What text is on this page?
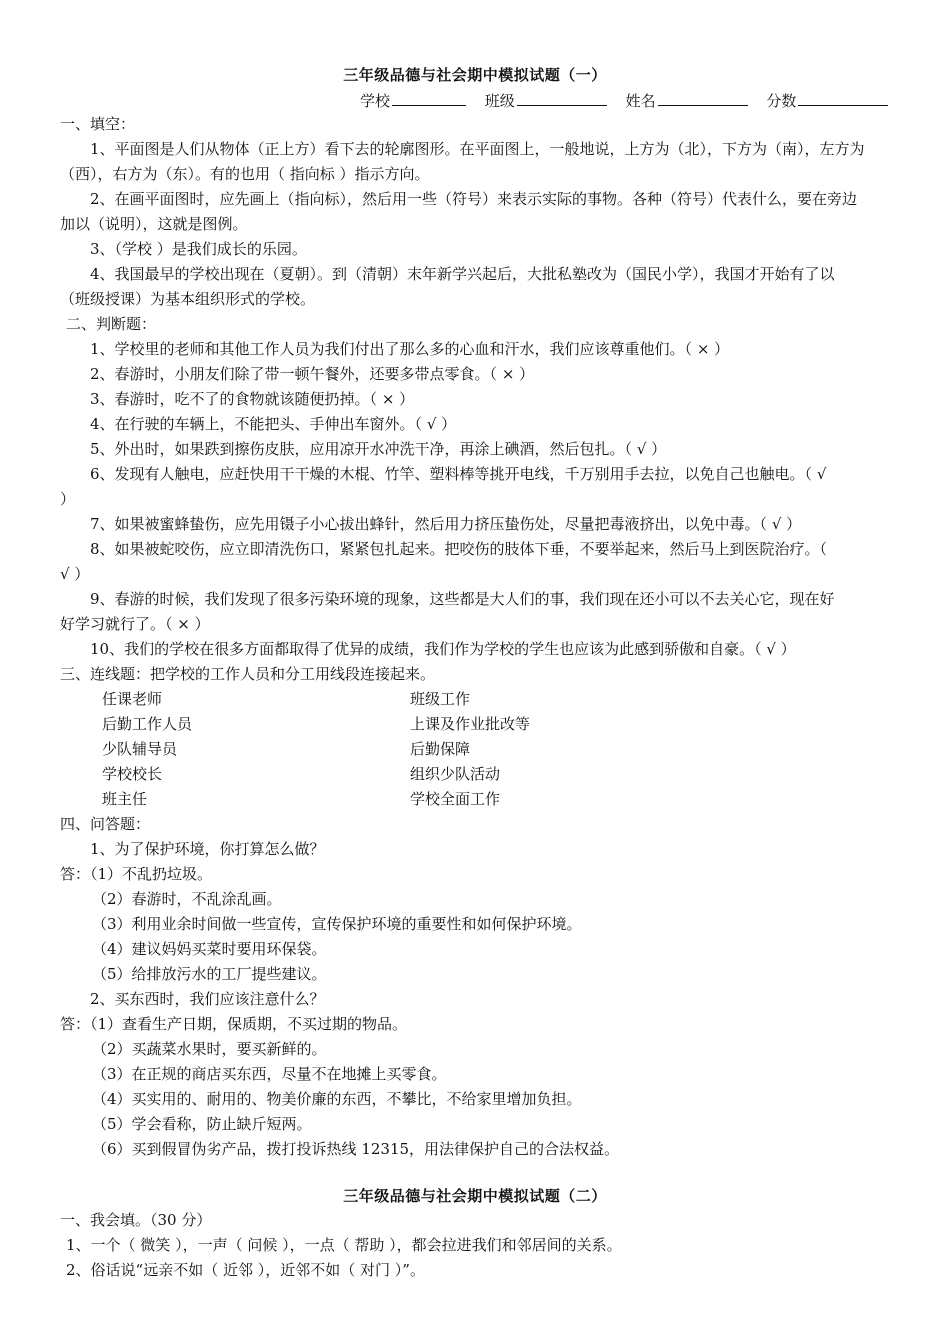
三年级品德与社会期中模拟试题（一）
学校	班级	姓名	分数
一、填空：
1、平面图是人们从物体（正上方）看下去的轮廓图形。在平面图上，一般地说，上方为（北），下方为（南），左方为
（西），右方为（东）。有的也用（ 指向标 ）指示方向。
2、在画平面图时，应先画上（指向标），然后用一些（符号）来表示实际的事物。各种（符号）代表什么，要在旁边
加以（说明），这就是图例。
3、（学校 ）是我们成长的乐园。
4、我国最早的学校出现在（夏朝）。到（清朝）末年新学兴起后，大批私塾改为（国民小学），我国才开始有了以
（班级授课）为基本组织形式的学校。
二、判断题：
1、学校里的老师和其他工作人员为我们付出了那么多的心血和汗水，我们应该尊重他们。（ × ）
2、春游时，小朋友们除了带一顿午餐外，还要多带点零食。（ × ）
3、春游时，吃不了的食物就该随便扔掉。（ × ）
4、在行驶的车辆上，不能把头、手伸出车窗外。（ √ ）
5、外出时，如果跌到擦伤皮肤，应用凉开水冲洗干净，再涂上碘酒，然后包扎。（ √ ）
6、发现有人触电，应赶快用干干燥的木棍、竹竿、塑料棒等挑开电线，千万别用手去拉，以免自己也触电。（ √
）
7、如果被蜜蜂蛰伤，应先用镊子小心拔出蜂针，然后用力挤压蛰伤处，尽量把毒液挤出，以免中毒。（ √ ）
8、如果被蛇咬伤，应立即清洗伤口，紧紧包扎起来。把咬伤的肢体下垂，不要举起来，然后马上到医院治疗。（
√ ）
9、春游的时候，我们发现了很多污染环境的现象，这些都是大人们的事，我们现在还小可以不去关心它，现在好
好学习就行了。（ × ）
10、我们的学校在很多方面都取得了优异的成绩，我们作为学校的学生也应该为此感到骄傲和自豪。（ √ ）
三、连线题：把学校的工作人员和分工用线段连接起来。
任课老师	班级工作
后勤工作人员	上课及作业批改等
少队辅导员	后勤保障
学校校长	组织少队活动
班主任	学校全面工作
四、问答题：
1、为了保护环境，你打算怎么做？
答：（1）不乱扔垃圾。
（2）春游时，不乱涂乱画。
（3）利用业余时间做一些宣传，宣传保护环境的重要性和如何保护环境。
（4）建议妈妈买菜时要用环保袋。
（5）给排放污水的工厂提些建议。
2、买东西时，我们应该注意什么？
答：（1）查看生产日期，保质期，不买过期的物品。
（2）买蔬菜水果时，要买新鲜的。
（3）在正规的商店买东西，尽量不在地摊上买零食。
（4）买实用的、耐用的、物美价廉的东西，不攀比，不给家里增加负担。
（5）学会看称，防止缺斤短两。
（6）买到假冒伪劣产品，拨打投诉热线 12315，用法律保护自己的合法权益。
三年级品德与社会期中模拟试题（二）
一、我会填。（30 分）
1、一个（ 微笑 ），一声（ 问候 ），一点（ 帮助 ），都会拉进我们和邻居间的关系。
2、俗话说“远亲不如（ 近邻 ），近邻不如（ 对门 ）”。
